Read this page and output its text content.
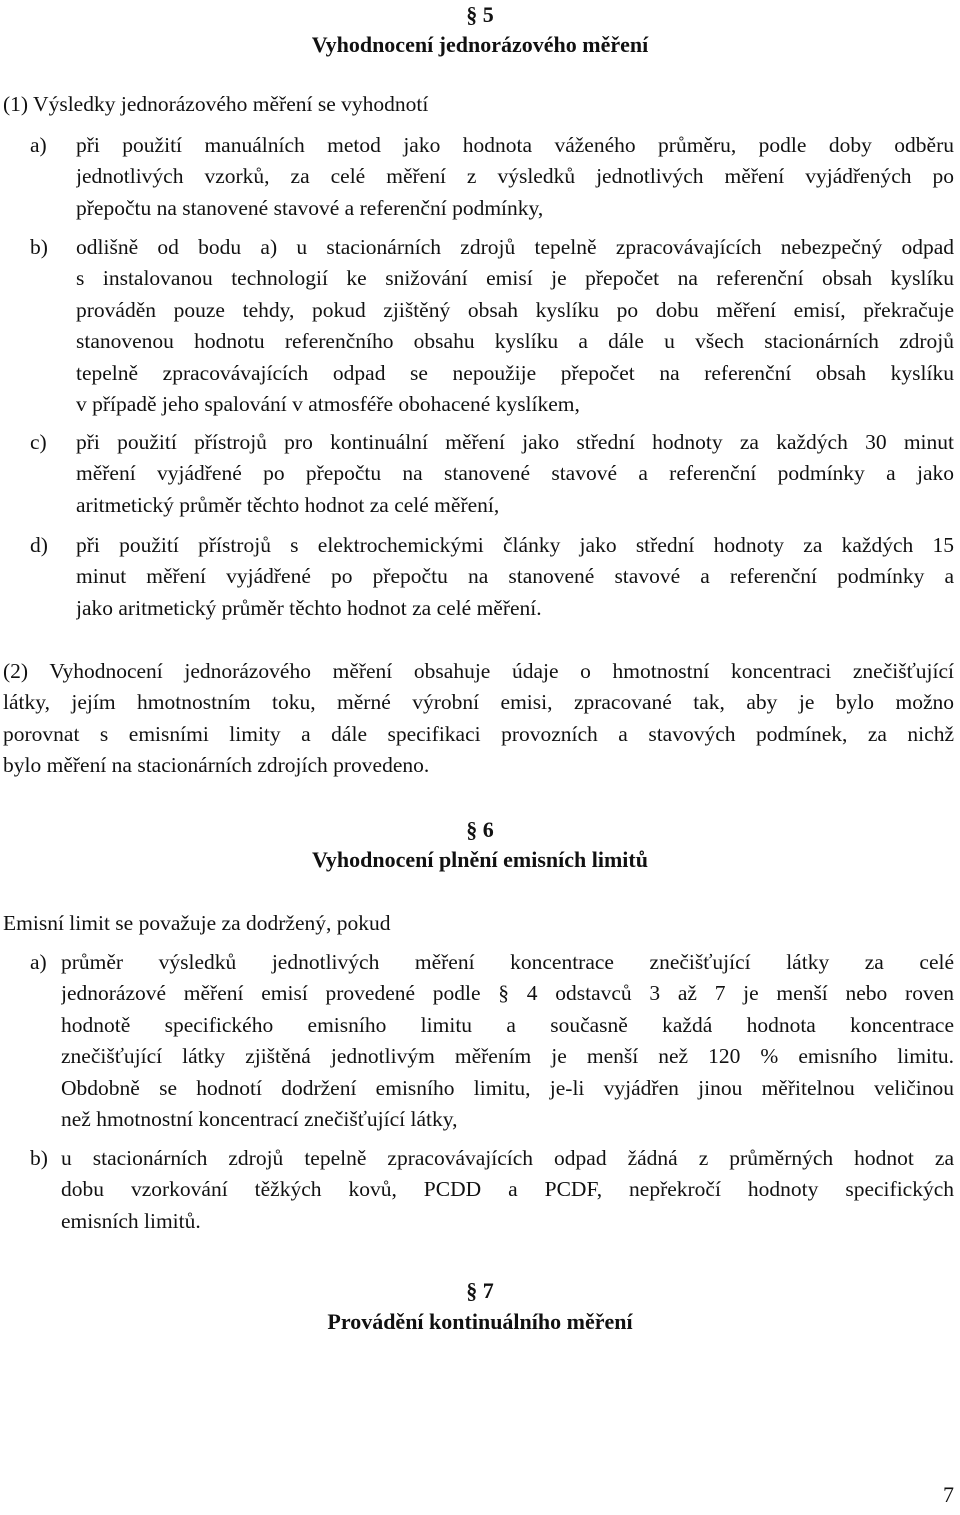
§ 5
Vyhodnocení jednorázového měření
(1) Výsledky jednorázového měření se vyhodnotí
a) při použití manuálních metod jako hodnota váženého průměru, podle doby odběru
jednotlivých vzorků, za celé měření z výsledků jednotlivých měření vyjádřených po
přepočtu na stanovené stavové a referenční podmínky,
b) odlišně od bodu a) u stacionárních zdrojů tepelně zpracovávajících nebezpečný odpad
s instalovanou technologií ke snižování emisí je přepočet na referenční obsah kyslíku
prováděn pouze tehdy, pokud zjištěný obsah kyslíku po dobu měření emisí, překračuje
stanovenou hodnotu referenčního obsahu kyslíku a dále u všech stacionárních zdrojů
tepelně zpracovávajících odpad se nepoužije přepočet na referenční obsah kyslíku
v případě jeho spalování v atmosféře obohacené kyslíkem,
c) při použití přístrojů pro kontinuální měření jako střední hodnoty za každých 30 minut
měření vyjádřené po přepočtu na stanovené stavové a referenční podmínky a jako
aritmetický průměr těchto hodnot za celé měření,
d) při použití přístrojů s elektrochemickými články jako střední hodnoty za každých 15
minut měření vyjádřené po přepočtu na stanovené stavové a referenční podmínky a
jako aritmetický průměr těchto hodnot za celé měření.
(2) Vyhodnocení jednorázového měření obsahuje údaje o hmotnostní koncentraci znečišťující
látky, jejím hmotnostním toku, měrné výrobní emisi, zpracované tak, aby je bylo možno
porovnat s emisními limity a dále specifikaci provozních a stavových podmínek, za nichž
bylo měření na stacionárních zdrojích provedeno.
§ 6
Vyhodnocení plnění emisních limitů
Emisní limit se považuje za dodržený, pokud
a) průměr výsledků jednotlivých měření koncentrace znečišťující látky za celé
jednorázové měření emisí provedené podle § 4 odstavců 3 až 7 je menší nebo roven
hodnotě specifického emisního limitu a současně každá hodnota koncentrace
znečišťující látky zjištěná jednotlivým měřením je menší než 120 % emisního limitu.
Obdobně se hodnotí dodržení emisního limitu, je-li vyjádřen jinou měřitelnou veličinou
než hmotnostní koncentrací znečišťující látky,
b) u stacionárních zdrojů tepelně zpracovávajících odpad žádná z průměrných hodnot za
dobu vzorkování těžkých kovů, PCDD a PCDF, nepřekročí hodnoty specifických
emisních limitů.
§ 7
Provádění kontinuálního měření
7
